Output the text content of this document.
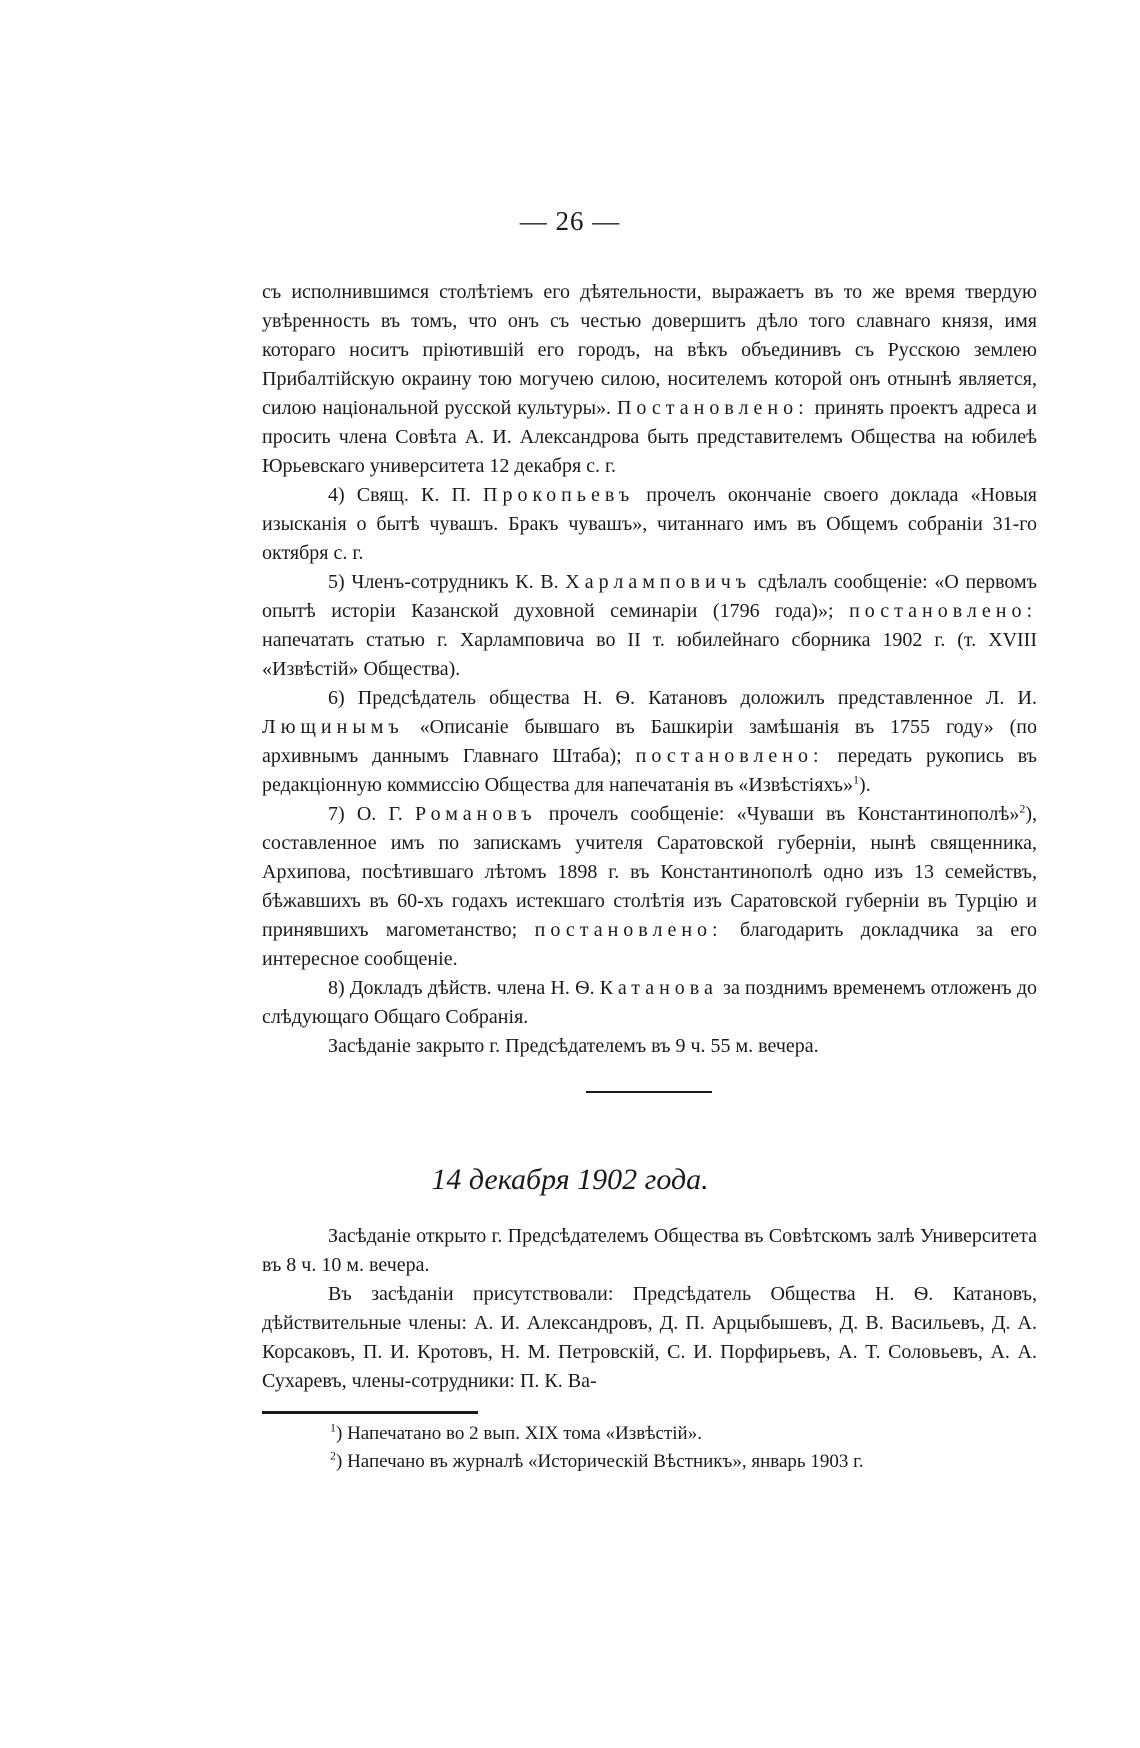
— 26 —

съ исполнившимся столѣтіемъ его дѣятельности, выражаетъ въ то же время твердую увѣренность въ томъ, что онъ съ честью довершитъ дѣло того славнаго князя, имя котораго носитъ пріютившій его городъ, на вѣкъ объединивъ съ Русскою землею Прибалтійскую окраину тою могучею силою, носителемъ которой онъ отнынѣ является, силою національной русской культуры». Постановлено: принять проектъ адреса и просить члена Совѣта А. И. Александрова быть представителемъ Общества на юбилеѣ Юрьевскаго университета 12 декабря с. г.

4) Свящ. К. П. Прокопьевъ прочелъ окончаніе своего доклада «Новыя изысканія о бытѣ чувашъ. Бракъ чувашъ», читаннаго имъ въ Общемъ собраніи 31-го октября с. г.

5) Членъ-сотрудникъ К. В. Харламповичъ сдѣлалъ сообщеніе: «О первомъ опытѣ исторіи Казанской духовной семинаріи (1796 года)»; постановлено: напечатать статью г. Харламповича во II т. юбилейнаго сборника 1902 г. (т. XVIII «Извѣстій» Общества).

6) Предсѣдатель общества Н. Ѳ. Катановъ доложилъ представленное Л. И. Лющинымъ «Описаніе бывшаго въ Башкиріи замѣшанія въ 1755 году» (по архивнымъ даннымъ Главнаго Штаба); постановлено: передать рукопись въ редакціонную коммиссію Общества для напечатанія въ «Извѣстіяхъ»$^1$).

7) О. Г. Романовъ прочелъ сообщеніе: «Чуваши въ Константинополѣ»$^2$), составленное имъ по запискамъ учителя Саратовской губерніи, нынѣ священника, Архипова, посѣтившаго лѣтомъ 1898 г. въ Константинополѣ одно изъ 13 семействъ, бѣжавшихъ въ 60-хъ годахъ истекшаго столѣтія изъ Саратовской губерніи въ Турцію и принявшихъ магометанство; постановлено: благодарить докладчика за его интересное сообщеніе.

8) Докладъ дѣйств. члена Н. Ѳ. Катанова за позднимъ временемъ отложенъ до слѣдующаго Общаго Собранія.

Засѣданіе закрыто г. Предсѣдателемъ въ 9 ч. 55 м. вечера.

14 декабря 1902 года.

Засѣданіе открыто г. Предсѣдателемъ Общества въ Совѣтскомъ залѣ Университета въ 8 ч. 10 м. вечера.

Въ засѣданіи присутствовали: Предсѣдатель Общества Н. Ѳ. Катановъ, дѣйствительные члены: А. И. Александровъ, Д. П. Арцыбышевъ, Д. В. Васильевъ, Д. А. Корсаковъ, П. И. Кротовъ, Н. М. Петровскій, С. И. Порфирьевъ, А. Т. Соловьевъ, А. А. Сухаревъ, члены-сотрудники: П. К. Ва-

$^1$) Напечатано во 2 вып. XIX тома «Извѣстій».

$^2$) Напечано въ журналѣ «Историческій Вѣстникъ», январь 1903 г.
